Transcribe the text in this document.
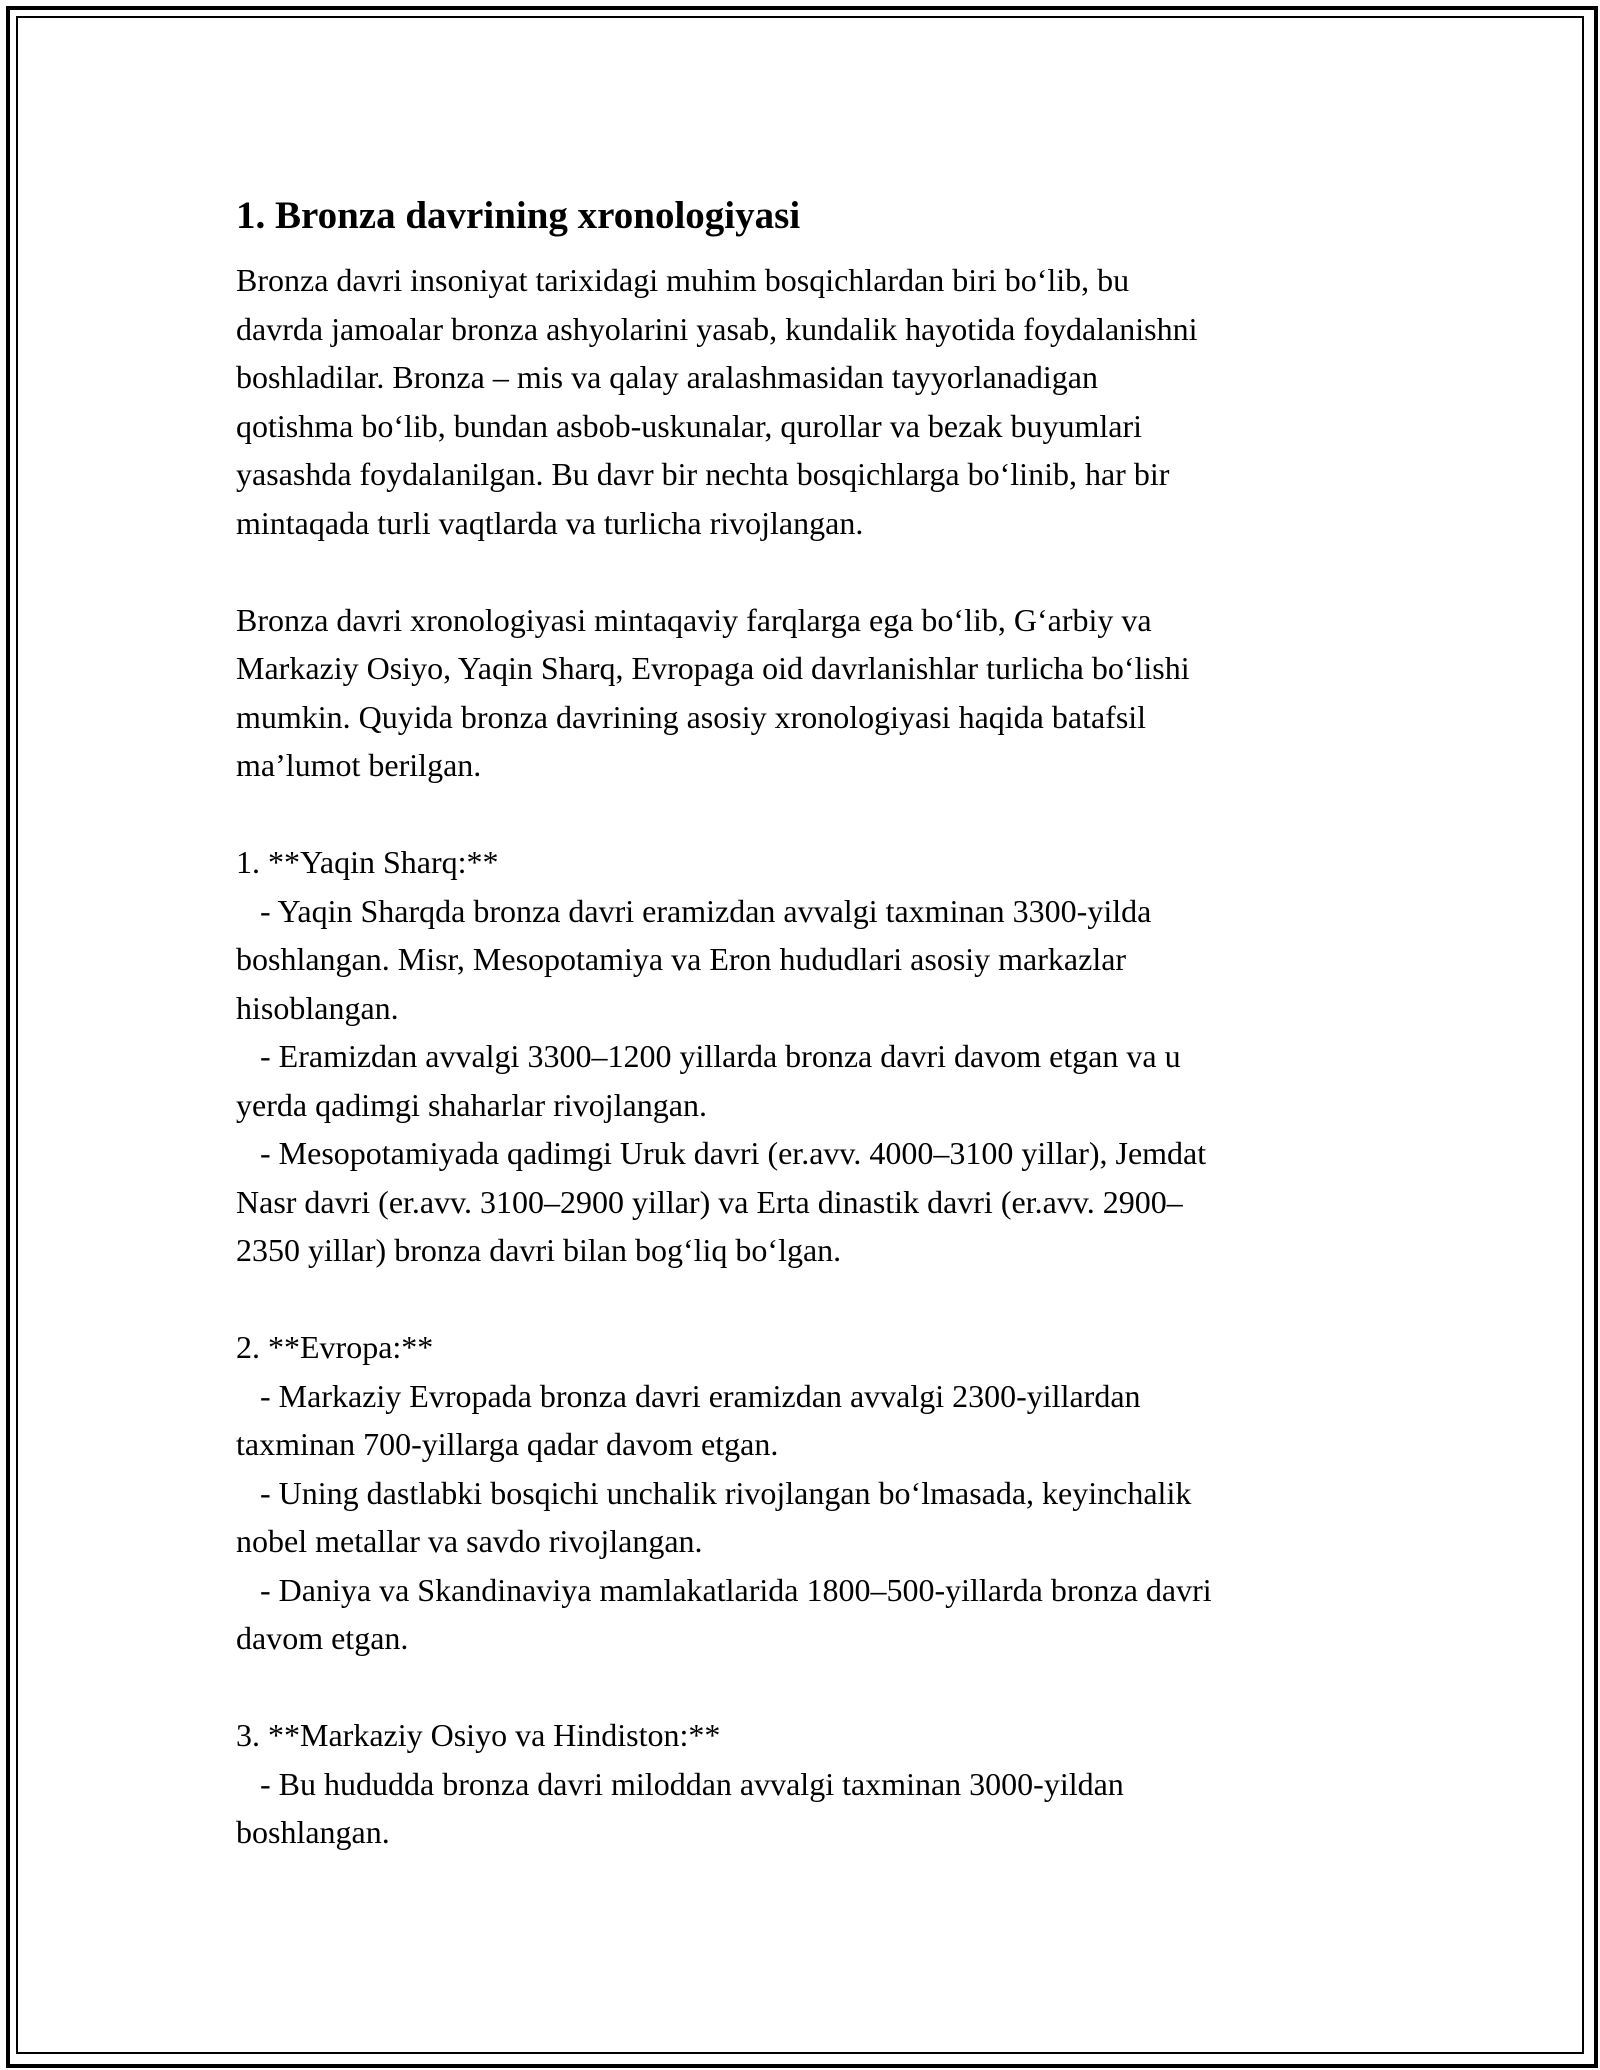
1. Bronza davrining xronologiyasi

Bronza davri insoniyat tarixidagi muhim bosqichlardan biri bo‘lib, bu
davrda jamoalar bronza ashyolarini yasab, kundalik hayotida foydalanishni
boshladilar. Bronza – mis va qalay aralashmasidan tayyorlanadigan
qotishma bo‘lib, bundan asbob-uskunalar, qurollar va bezak buyumlari
yasashda foydalanilgan. Bu davr bir nechta bosqichlarga bo‘linib, har bir
mintaqada turli vaqtlarda va turlicha rivojlangan.

Bronza davri xronologiyasi mintaqaviy farqlarga ega bo‘lib, G‘arbiy va
Markaziy Osiyo, Yaqin Sharq, Evropaga oid davrlanishlar turlicha bo‘lishi
mumkin. Quyida bronza davrining asosiy xronologiyasi haqida batafsil
ma’lumot berilgan.

1. **Yaqin Sharq:**
- Yaqin Sharqda bronza davri eramizdan avvalgi taxminan 3300-yilda
boshlangan. Misr, Mesopotamiya va Eron hududlari asosiy markazlar
hisoblangan.
- Eramizdan avvalgi 3300–1200 yillarda bronza davri davom etgan va u
yerda qadimgi shaharlar rivojlangan.
- Mesopotamiyada qadimgi Uruk davri (er.avv. 4000–3100 yillar), Jemdat
Nasr davri (er.avv. 3100–2900 yillar) va Erta dinastik davri (er.avv. 2900–
2350 yillar) bronza davri bilan bog‘liq bo‘lgan.

2. **Evropa:**
- Markaziy Evropada bronza davri eramizdan avvalgi 2300-yillardan
taxminan 700-yillarga qadar davom etgan.
- Uning dastlabki bosqichi unchalik rivojlangan bo‘lmasada, keyinchalik
nobel metallar va savdo rivojlangan.
- Daniya va Skandinaviya mamlakatlarida 1800–500-yillarda bronza davri
davom etgan.

3. **Markaziy Osiyo va Hindiston:**
- Bu hududda bronza davri miloddan avvalgi taxminan 3000-yildan
boshlangan.
